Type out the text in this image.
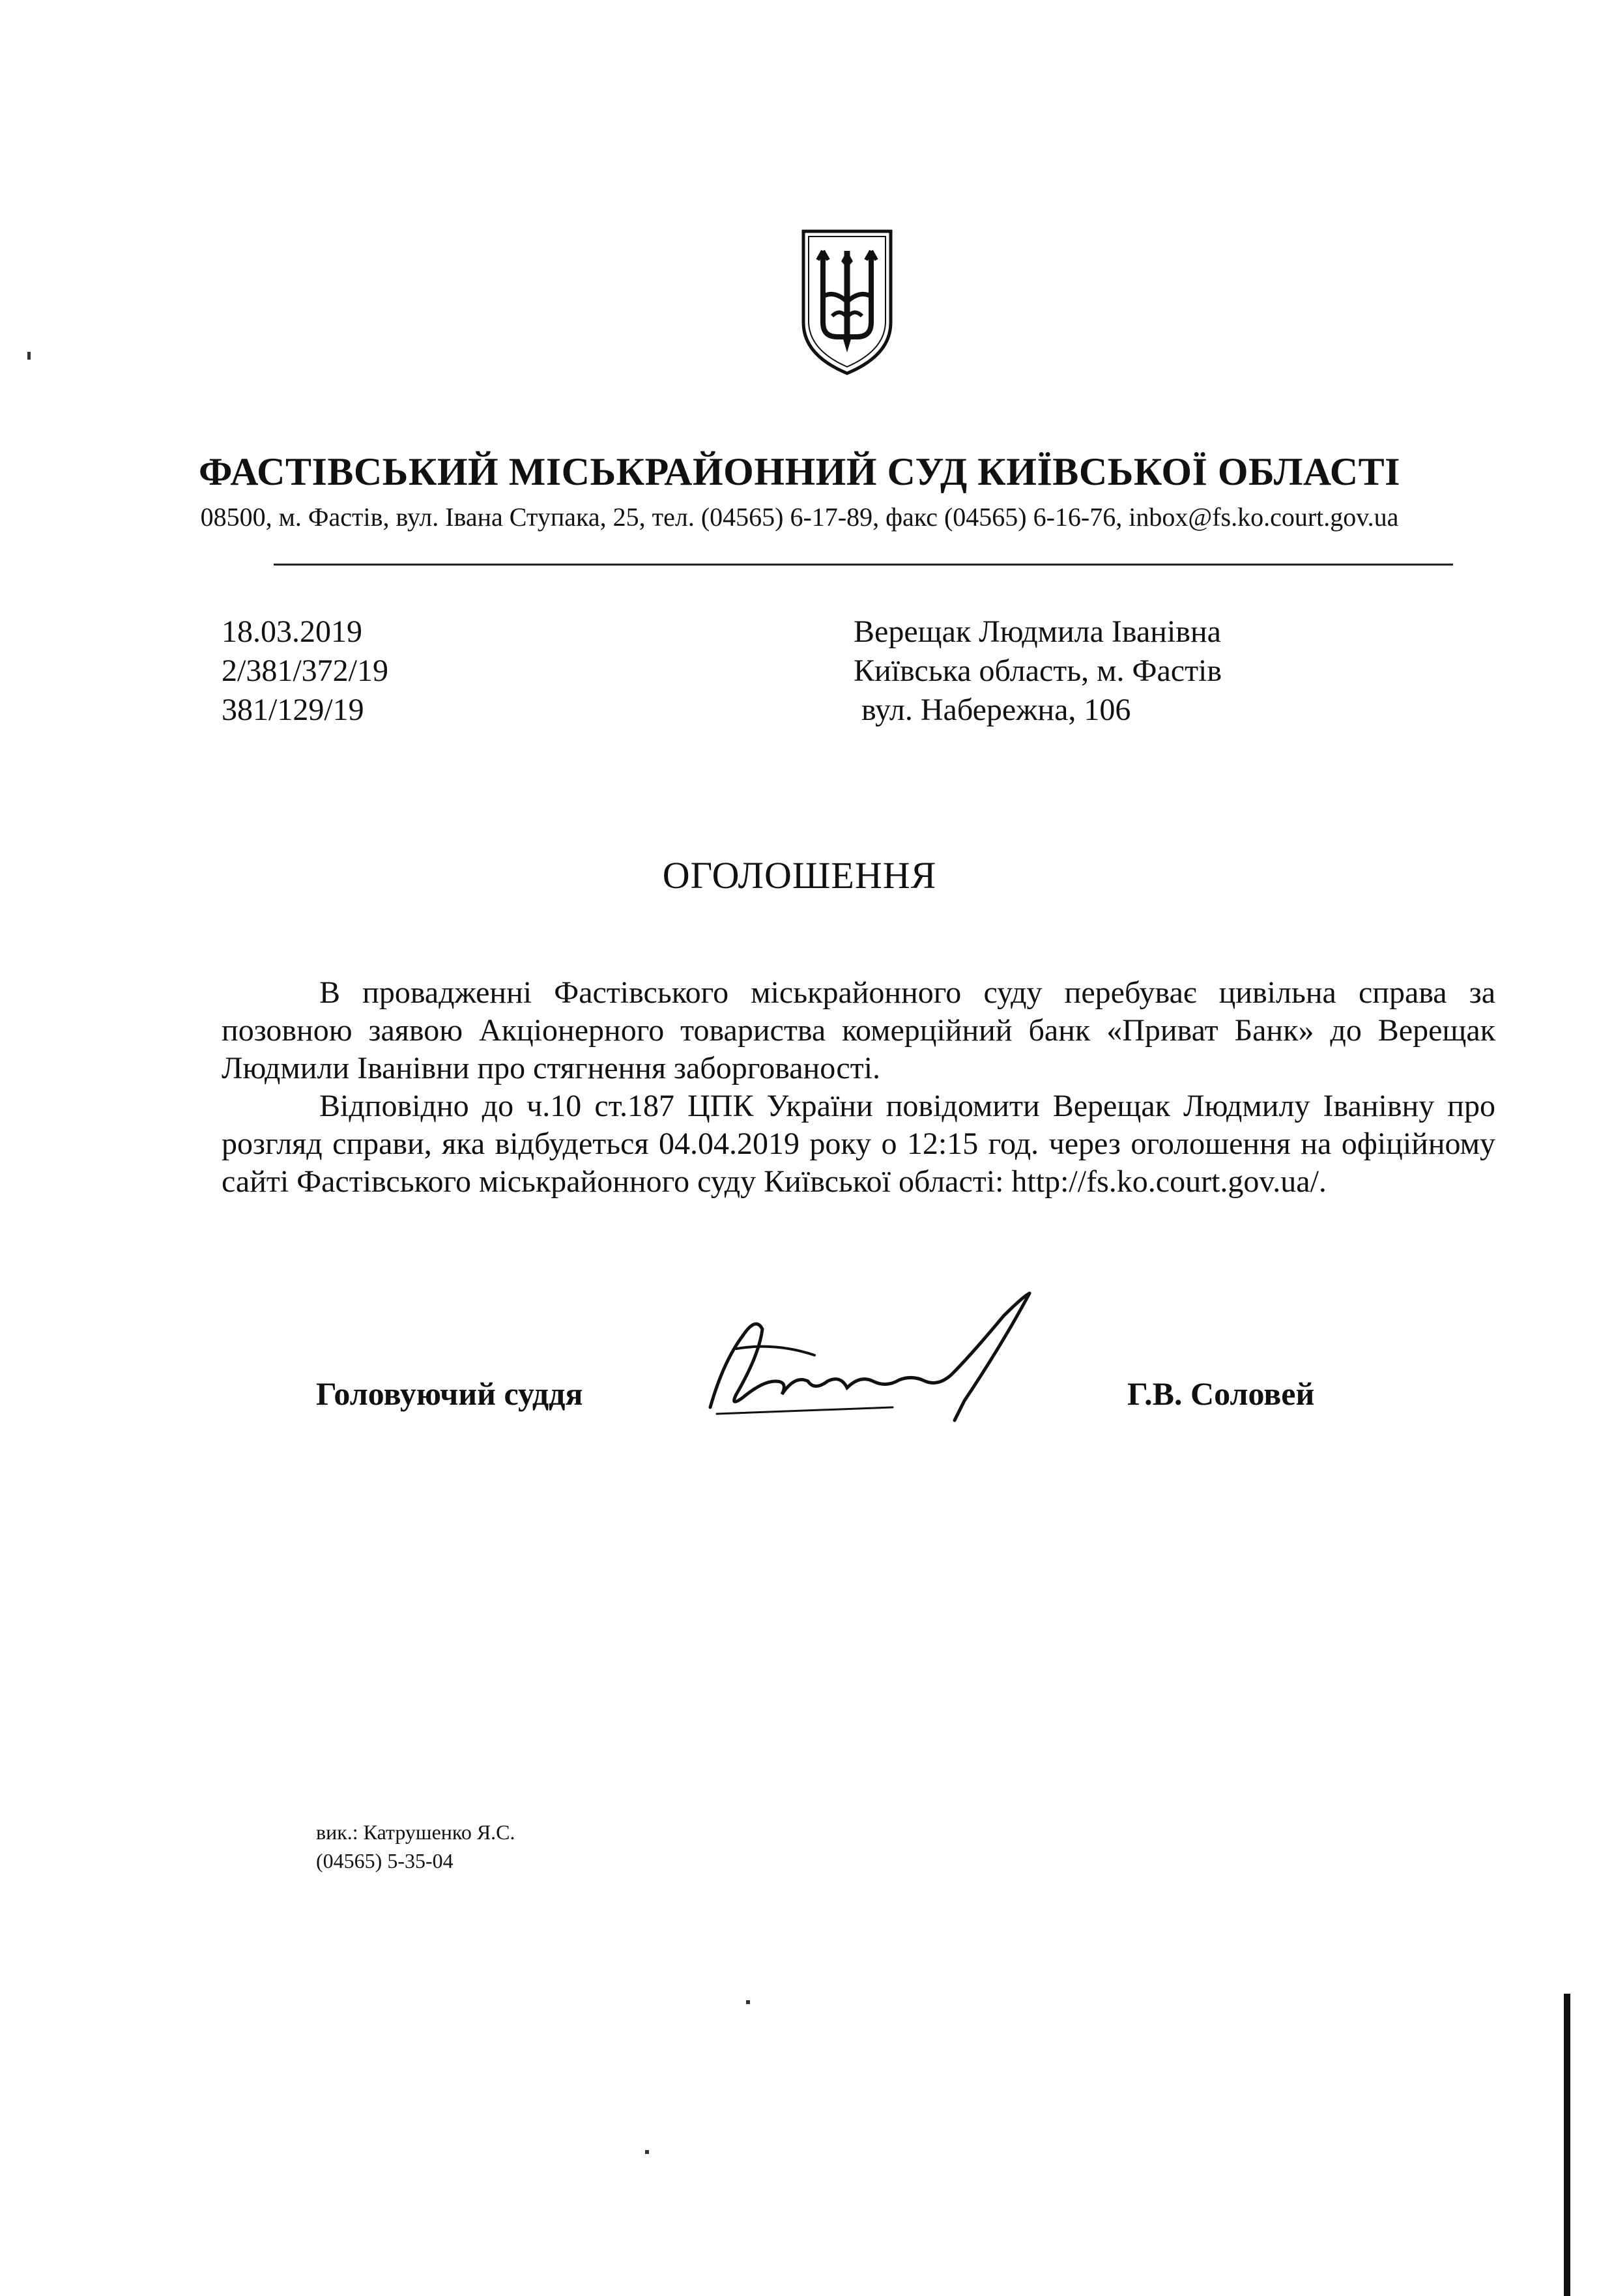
ФАСТІВСЬКИЙ МІСЬКРАЙОННИЙ СУД КИЇВСЬКОЇ ОБЛАСТІ
08500, м. Фастів, вул. Івана Ступака, 25, тел. (04565) 6-17-89, факс (04565) 6-16-76, inbox@fs.ko.court.gov.ua
18.03.2019
2/381/372/19
381/129/19
Верещак Людмила Іванівна
Київська область, м. Фастів
вул. Набережна, 106
ОГОЛОШЕННЯ

В провадженні Фастівського міськрайонного суду перебуває цивільна справа за позовною заявою Акціонерного товариства комерційний банк «Приват Банк» до Верещак Людмили Іванівни про стягнення заборгованості.

Відповідно до ч.10 ст.187 ЦПК України повідомити Верещак Людмилу Іванівну про розгляд справи, яка відбудеться 04.04.2019 року о 12:15 год. через оголошення на офіційному сайті Фастівського міськрайонного суду Київської області: http://fs.ko.court.gov.ua/.

Головуючий суддя	Г.В. Соловей
вик.: Катрушенко Я.С.
(04565) 5-35-04
